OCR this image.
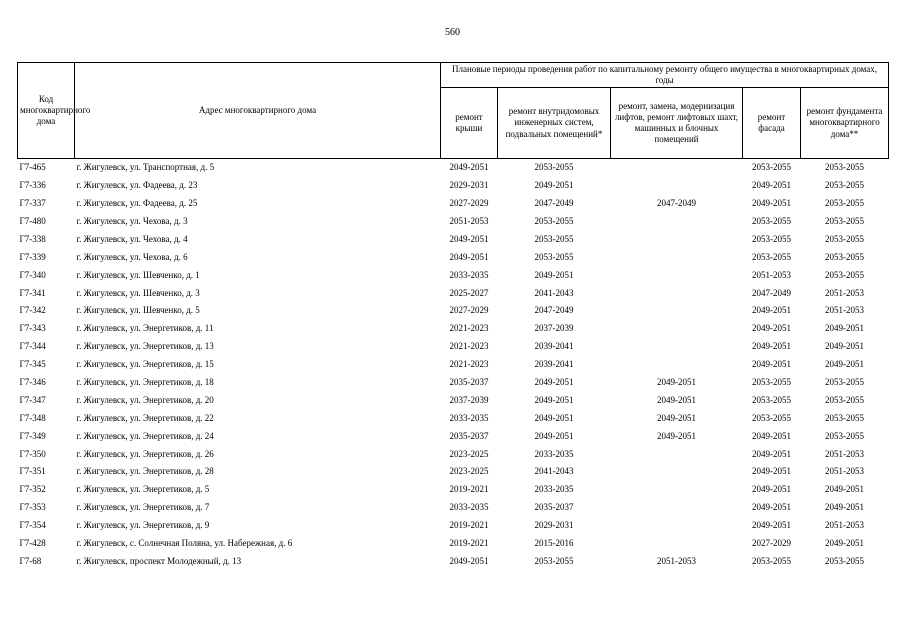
560
Код многоквартирного дома	Адрес многоквартирного дома	Плановые периоды проведения работ по капитальному ремонту общего имущества в многоквартирных домах, годы				
		ремонт крыши	ремонт внутридомовых инженерных систем, подвальных помещений*	ремонт, замена, модернизация лифтов, ремонт лифтовых шахт, машинных и блочных помещений	ремонт фасада	ремонт фундамента многоквартирного дома**
Г7-465	г. Жигулевск, ул. Транспортная, д. 5	2049-2051	2053-2055		2053-2055	2053-2055
Г7-336	г. Жигулевск, ул. Фадеева, д. 23	2029-2031	2049-2051		2049-2051	2053-2055
Г7-337	г. Жигулевск, ул. Фадеева, д. 25	2027-2029	2047-2049	2047-2049	2049-2051	2053-2055
Г7-480	г. Жигулевск, ул. Чехова, д. 3	2051-2053	2053-2055		2053-2055	2053-2055
Г7-338	г. Жигулевск, ул. Чехова, д. 4	2049-2051	2053-2055		2053-2055	2053-2055
Г7-339	г. Жигулевск, ул. Чехова, д. 6	2049-2051	2053-2055		2053-2055	2053-2055
Г7-340	г. Жигулевск, ул. Шевченко, д. 1	2033-2035	2049-2051		2051-2053	2053-2055
Г7-341	г. Жигулевск, ул. Шевченко, д. 3	2025-2027	2041-2043		2047-2049	2051-2053
Г7-342	г. Жигулевск, ул. Шевченко, д. 5	2027-2029	2047-2049		2049-2051	2051-2053
Г7-343	г. Жигулевск, ул. Энергетиков, д. 11	2021-2023	2037-2039		2049-2051	2049-2051
Г7-344	г. Жигулевск, ул. Энергетиков, д. 13	2021-2023	2039-2041		2049-2051	2049-2051
Г7-345	г. Жигулевск, ул. Энергетиков, д. 15	2021-2023	2039-2041		2049-2051	2049-2051
Г7-346	г. Жигулевск, ул. Энергетиков, д. 18	2035-2037	2049-2051	2049-2051	2053-2055	2053-2055
Г7-347	г. Жигулевск, ул. Энергетиков, д. 20	2037-2039	2049-2051	2049-2051	2053-2055	2053-2055
Г7-348	г. Жигулевск, ул. Энергетиков, д. 22	2033-2035	2049-2051	2049-2051	2053-2055	2053-2055
Г7-349	г. Жигулевск, ул. Энергетиков, д. 24	2035-2037	2049-2051	2049-2051	2049-2051	2053-2055
Г7-350	г. Жигулевск, ул. Энергетиков, д. 26	2023-2025	2033-2035		2049-2051	2051-2053
Г7-351	г. Жигулевск, ул. Энергетиков, д. 28	2023-2025	2041-2043		2049-2051	2051-2053
Г7-352	г. Жигулевск, ул. Энергетиков, д. 5	2019-2021	2033-2035		2049-2051	2049-2051
Г7-353	г. Жигулевск, ул. Энергетиков, д. 7	2033-2035	2035-2037		2049-2051	2049-2051
Г7-354	г. Жигулевск, ул. Энергетиков, д. 9	2019-2021	2029-2031		2049-2051	2051-2053
Г7-428	г. Жигулевск, с. Солнечная Поляна, ул. Набережная, д. 6	2019-2021	2015-2016		2027-2029	2049-2051
Г7-68	г. Жигулевск, проспект Молодежный, д. 13	2049-2051	2053-2055	2051-2053	2053-2055	2053-2055
